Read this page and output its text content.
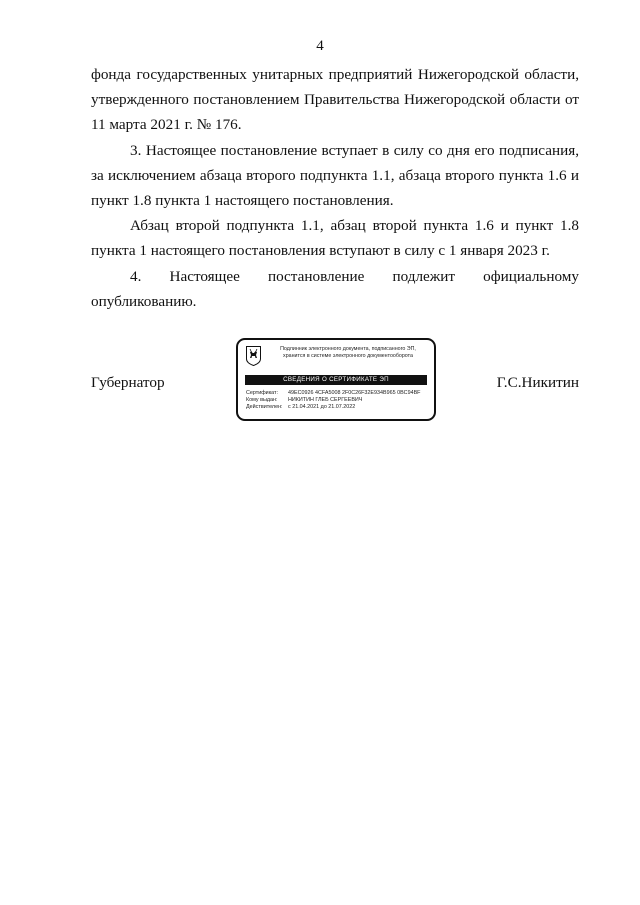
4

фонда государственных унитарных предприятий Нижегородской области, утвержденного постановлением Правительства Нижегородской области от 11 марта 2021 г. № 176.

3. Настоящее постановление вступает в силу со дня его подписания, за исключением абзаца второго подпункта 1.1, абзаца второго пункта 1.6 и пункт 1.8 пункта 1 настоящего постановления.

Абзац второй подпункта 1.1, абзац второй пункта 1.6 и пункт 1.8 пункта 1 настоящего постановления вступают в силу с 1 января 2023 г.

4. Настоящее постановление подлежит официальному

опубликованию.

Губернатор
Подлинник электронного документа, подписанного ЭП,
хранится в системе электронного документооборота
СВЕДЕНИЯ О СЕРТИФИКАТЕ ЭП
Сертификат: 49EC0926 4CFA5008 2F0C26F32E934B965 0BC94BF
Кому выдан: НИКИТИН ГЛЕБ СЕРГЕЕВИЧ
Действителен: с 21.04.2021 до 21.07.2022
Г.С.Никитин
